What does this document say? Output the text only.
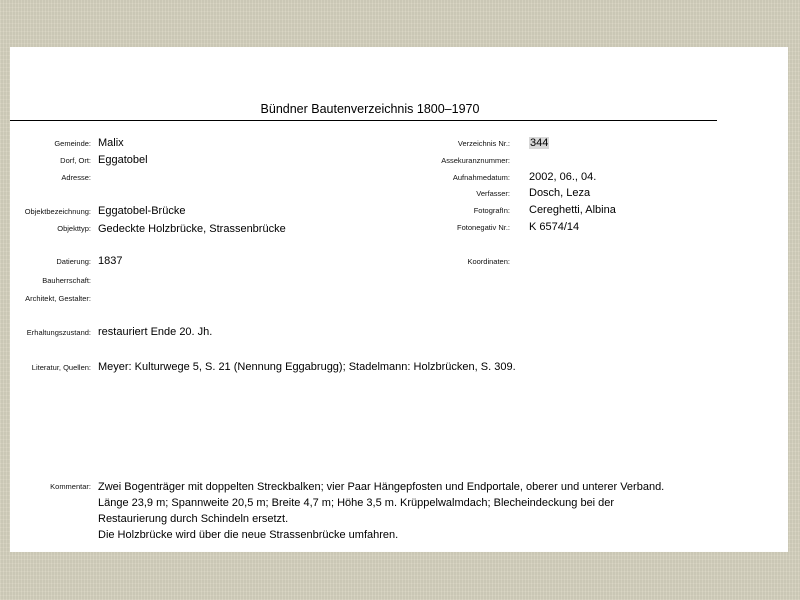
Bündner Bautenverzeichnis 1800–1970
Gemeinde: Malix
Dorf, Ort: Eggatobel
Adresse:
Objektbezeichnung: Eggatobel-Brücke
Objekttyp: Gedeckte Holzbrücke, Strassenbrücke
Datierung: 1837
Bauherrschaft:
Architekt, Gestalter:
Erhaltungszustand: restauriert Ende 20. Jh.
Literatur, Quellen: Meyer: Kulturwege 5, S. 21 (Nennung Eggabrugg); Stadelmann: Holzbrücken, S. 309.
Verzeichnis Nr.: 344
Assekuranznummer:
Aufnahmedatum: 2002, 06., 04.
Verfasser: Dosch, Leza
FotografIn: Cereghetti, Albina
Fotonegativ Nr.: K 6574/14
Koordinaten:
Kommentar: Zwei Bogenträger mit doppelten Streckbalken; vier Paar Hängepfosten und Endportale, oberer und unterer Verband.
Länge 23,9 m; Spannweite 20,5 m; Breite 4,7 m; Höhe 3,5 m. Krüppelwalmdach; Blecheindeckung bei der
Restaurierung durch Schindeln ersetzt.
Die Holzbrücke wird über die neue Strassenbrücke umfahren.
